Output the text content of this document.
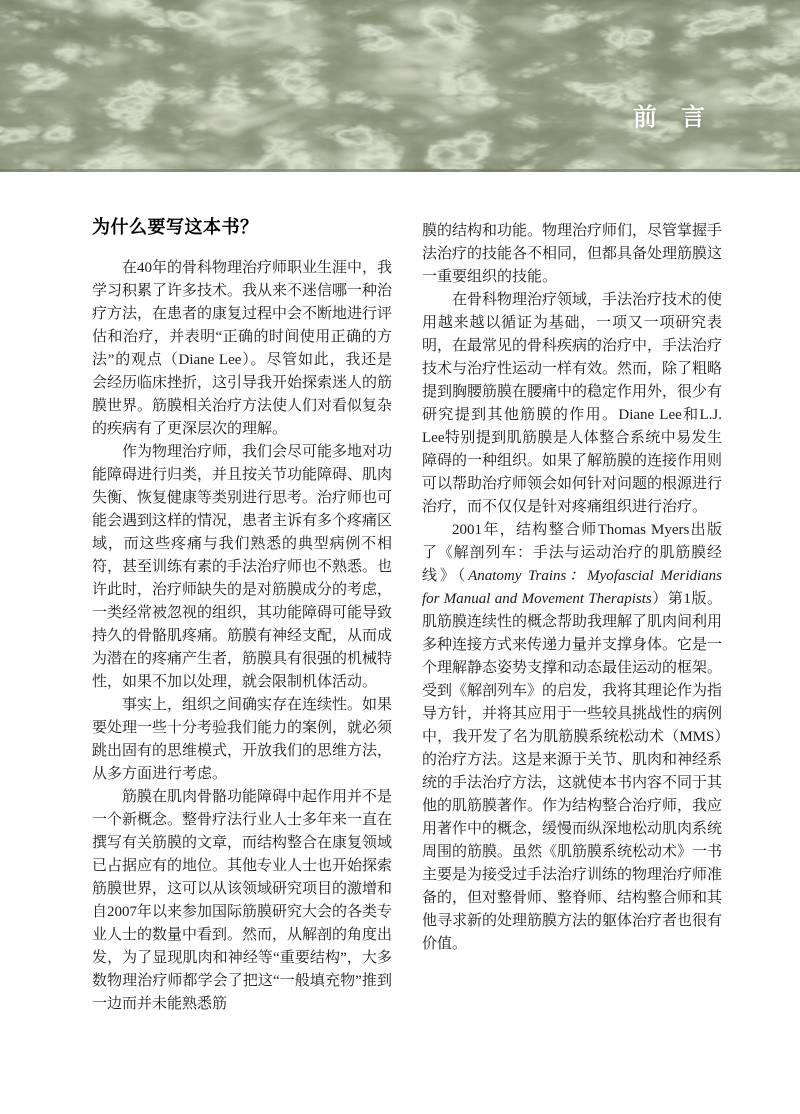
前　言
为什么要写这本书？

在40年的骨科物理治疗师职业生涯中，我学习积累了许多技术。我从来不迷信哪一种治疗方法，在患者的康复过程中会不断地进行评估和治疗，并表明“正确的时间使用正确的方法”的观点（Diane Lee）。尽管如此，我还是会经历临床挫折，这引导我开始探索迷人的筋膜世界。筋膜相关治疗方法使人们对看似复杂的疾病有了更深层次的理解。

作为物理治疗师，我们会尽可能多地对功能障碍进行归类，并且按关节功能障碍、肌肉失衡、恢复健康等类别进行思考。治疗师也可能会遇到这样的情况，患者主诉有多个疼痛区域，而这些疼痛与我们熟悉的典型病例不相符，甚至训练有素的手法治疗师也不熟悉。也许此时，治疗师缺失的是对筋膜成分的考虑，一类经常被忽视的组织，其功能障碍可能导致持久的骨骼肌疼痛。筋膜有神经支配，从而成为潜在的疼痛产生者，筋膜具有很强的机械特性，如果不加以处理，就会限制机体活动。

事实上，组织之间确实存在连续性。如果要处理一些十分考验我们能力的案例，就必须跳出固有的思维模式，开放我们的思维方法，从多方面进行考虑。

筋膜在肌肉骨骼功能障碍中起作用并不是一个新概念。整骨疗法行业人士多年来一直在撰写有关筋膜的文章，而结构整合在康复领域已占据应有的地位。其他专业人士也开始探索筋膜世界，这可以从该领域研究项目的激增和自2007年以来参加国际筋膜研究大会的各类专业人士的数量中看到。然而，从解剖的角度出发，为了显现肌肉和神经等“重要结构”，大多数物理治疗师都学会了把这“一般填充物”推到一边而并未能熟悉筋

膜的结构和功能。物理治疗师们，尽管掌握手法治疗的技能各不相同，但都具备处理筋膜这一重要组织的技能。

在骨科物理治疗领域，手法治疗技术的使用越来越以循证为基础，一项又一项研究表明，在最常见的骨科疾病的治疗中，手法治疗技术与治疗性运动一样有效。然而，除了粗略提到胸腰筋膜在腰痛中的稳定作用外，很少有研究提到其他筋膜的作用。Diane Lee和L.J. Lee特别提到肌筋膜是人体整合系统中易发生障碍的一种组织。如果了解筋膜的连接作用则可以帮助治疗师领会如何针对问题的根源进行治疗，而不仅仅是针对疼痛组织进行治疗。

2001年，结构整合师Thomas Myers出版了《解剖列车：手法与运动治疗的肌筋膜经线》（Anatomy Trains：Myofascial Meridians for Manual and Movement Therapists）第1版。肌筋膜连续性的概念帮助我理解了肌肉间利用多种连接方式来传递力量并支撑身体。它是一个理解静态姿势支撑和动态最佳运动的框架。受到《解剖列车》的启发，我将其理论作为指导方针，并将其应用于一些较具挑战性的病例中，我开发了名为肌筋膜系统松动术（MMS）的治疗方法。这是来源于关节、肌肉和神经系统的手法治疗方法，这就使本书内容不同于其他的肌筋膜著作。作为结构整合治疗师，我应用著作中的概念，缓慢而纵深地松动肌肉系统周围的筋膜。虽然《肌筋膜系统松动术》一书主要是为接受过手法治疗训练的物理治疗师准备的，但对整骨师、整脊师、结构整合师和其他寻求新的处理筋膜方法的躯体治疗者也很有价值。
